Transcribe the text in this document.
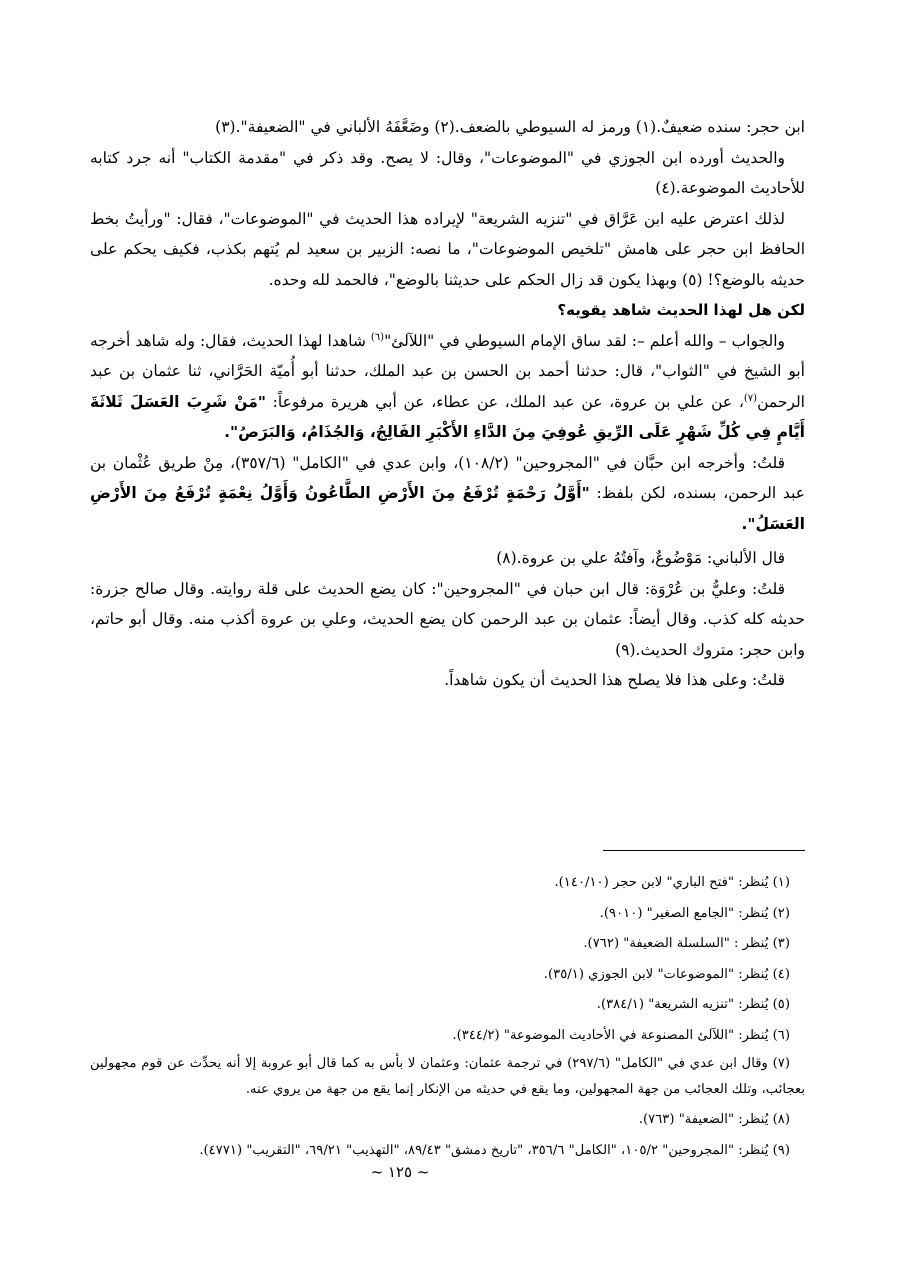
ابن حجر: سنده ضعيفٌ.(١) ورمز له السيوطي بالضعف.(٢) وضَعَّفَهُ الألباني في "الضعيفة".(٣)

والحديث أورده ابن الجوزي في "الموضوعات"، وقال: لا يصح. وقد ذكر في "مقدمة الكتاب" أنه جرد كتابه للأحاديث الموضوعة.(٤)

لذلك اعترض عليه ابن عَرَّاق في "تنزيه الشريعة" لإيراده هذا الحديث في "الموضوعات"، فقال: "ورأيتُ بخط الحافظ ابن حجر على هامش "تلخيص الموضوعات"، ما نصه: الزبير بن سعيد لم يُتهم بكذب، فكيف يحكم على حديثه بالوضع؟! (٥) وبهذا يكون قد زال الحكم على حديثنا بالوضع"، فالحمد لله وحده.

لكن هل لهذا الحديث شاهد يقويه؟

والجواب – والله أعلم –: لقد ساق الإمام السيوطي في "اللآلئ"$^{(٦)}$ شاهدا لهذا الحديث، فقال: وله شاهد أخرجه أبو الشيخ في "الثواب"، قال: حدثنا أحمد بن الحسن بن عبد الملك، حدثنا أبو أُميّة الحَرَّاني، ثنا عثمان بن عبد الرحمن$^{(٧)}$، عن علي بن عروة، عن عبد الملك، عن عطاء، عن أبي هريرة مرفوعاً: "مَنْ شَرِبَ العَسَلَ ثَلاثَةَ أَيَّامٍ فِي كُلِّ شَهْرٍ عَلَى الرِّيقِ عُوفِيَ مِنَ الدَّاءِ الأَكْبَرِ الفَالِجُ، وَالجُذَامُ، وَالبَرَصُ".

قلتُ: وأخرجه ابن حبَّان في "المجروحين" (١٠٨/٢)، وابن عدي في "الكامل" (٣٥٧/٦)، مِنْ طريق عُثْمان بن عبد الرحمن، بسنده، لكن بلفظ: "أَوَّلُ رَحْمَةٍ تُرْفَعُ مِنَ الأَرْضِ الطَّاعُونُ وَأَوَّلُ نِعْمَةٍ تُرْفَعُ مِنَ الأَرْضِ العَسَلُ".

قال الألباني: مَوْضُوعٌ، وآفتُهُ علي بن عروة.(٨)

قلتُ: وعليُّ بن عُرْوَة: قال ابن حبان في "المجروحين": كان يضع الحديث على قلة روايته. وقال صالح جزرة: حديثه كله كذب. وقال أيضاً: عثمان بن عبد الرحمن كان يضع الحديث، وعلي بن عروة أكذب منه. وقال أبو حاتم، وابن حجر: متروك الحديث.(٩)

قلتُ: وعلى هذا فلا يصلح هذا الحديث أن يكون شاهداً.

(١) يُنظر: "فتح الباري" لابن حجر (١٤٠/١٠).

(٢) يُنظر: "الجامع الصغير" (٩٠١٠).

(٣) يُنظر : "السلسلة الضعيفة" (٧٦٢).

(٤) يُنظر: "الموضوعات" لابن الجوزي (٣٥/١).

(٥) يُنظر: "تنزيه الشريعة" (٣٨٤/١).

(٦) يُنظر: "اللآلئ المصنوعة في الأحاديث الموضوعة" (٣٤٤/٢).

(٧) وقال ابن عدي في "الكامل" (٢٩٧/٦) في ترجمة عثمان: وعثمان لا بأس به كما قال أبو عروبة إلا أنه يحدِّث عن قوم مجهولين بعجائب، وتلك العجائب من جهة المجهولين، وما يقع في حديثه من الإنكار إنما يقع من جهة من يروي عنه.

(٨) يُنظر: "الضعيفة" (٧٦٣).

(٩) يُنظر: "المجروحين" ١٠٥/٢، "الكامل" ٣٥٦/٦، "تاريخ دمشق" ٨٩/٤٣، "التهذيب" ٦٩/٢١، "التقريب" (٤٧٧١).

~ ١٢٥ ~
